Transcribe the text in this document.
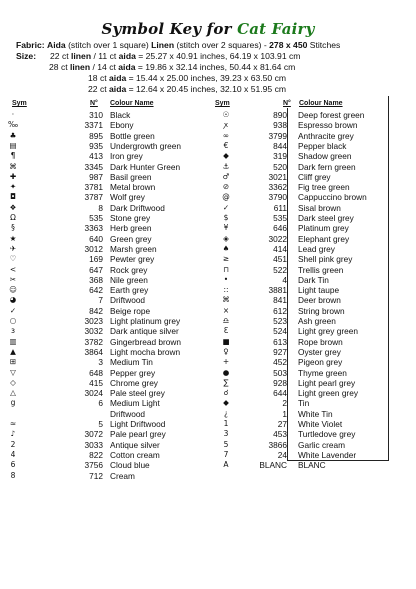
Symbol Key for Cat Fairy
Fabric: Aida (stitch over 1 square) Linen (stitch over 2 squares) - 278 x 450 Stitches
Size:	22 ct linen / 11 ct aida = 25.27 x 40.91 inches, 64.19 x 103.91 cm
28 ct linen / 14 ct aida = 19.86 x 32.14 inches, 50.44 x 81.64 cm
18 ct aida = 15.44 x 25.00 inches, 39.23 x 63.50 cm
22 ct aida = 12.64 x 20.45 inches, 32.10 x 51.95 cm
Sym	N° Colour Name	Sym	N° Colour Name
·	310 Black
‰	3371 Ebony
♣	895 Bottle green
▤	935 Undergrowth green
¶	413 Iron grey
⌘	3345 Dark Hunter Green
✚	987 Basil green
✦	3781 Metal brown
◘	3787 Wolf grey
❖	8 Dark Driftwood
Ω	535 Stone grey
§	3363 Herb green
★	640 Green grey
✈	3012 Marsh green
♡	169 Pewter grey
<	647 Rock grey
✂	368 Nile green
☺	642 Earth grey
◕	7 Driftwood
✓	842 Beige rope
○	3023 Light platinum grey
ɜ	3032 Dark antique silver
▥	3782 Gingerbread brown
▲	3864 Light mocha brown
⊞	3 Medium Tin
▽	648 Pepper grey
◇	415 Chrome grey
△	3024 Pale steel grey
g	6 Medium Light Driftwood
≈	5 Light Driftwood
♪	3072 Pale pearl grey
2	3033 Antique silver
4	822 Cotton cream
6	3756 Cloud blue
8	712 Cream
☉	890 Deep forest green
ꭗ	938 Espresso brown
∞	3799 Anthracite grey
€	844 Pepper black
◆	319 Shadow green
⚓	520 Dark fern green
♂	3021 Cliff grey
⊘	3362 Fig tree green
@	3790 Cappuccino brown
✓	611 Sisal brown
$	535 Dark steel grey
¥	646 Platinum grey
◈	3022 Elephant grey
♠	414 Lead grey
≥	451 Shell pink grey
⊓	522 Trellis green
•	4 Dark Tin
::	3881 Light taupe
⌘	841 Deer brown
×	612 String brown
♎	523 Ash green
Ɛ	524 Light grey green
■	613 Rope brown
♀	927 Oyster grey
+	452 Pigeon grey
●	503 Thyme green
∑	928 Light pearl grey
☌	644 Light green grey
◆	2 Tin
¿	1 White Tin
1	27 White Violet
3	453 Turtledove grey
5	3866 Garlic cream
7	24 White Lavender
A	BLANC BLANC
